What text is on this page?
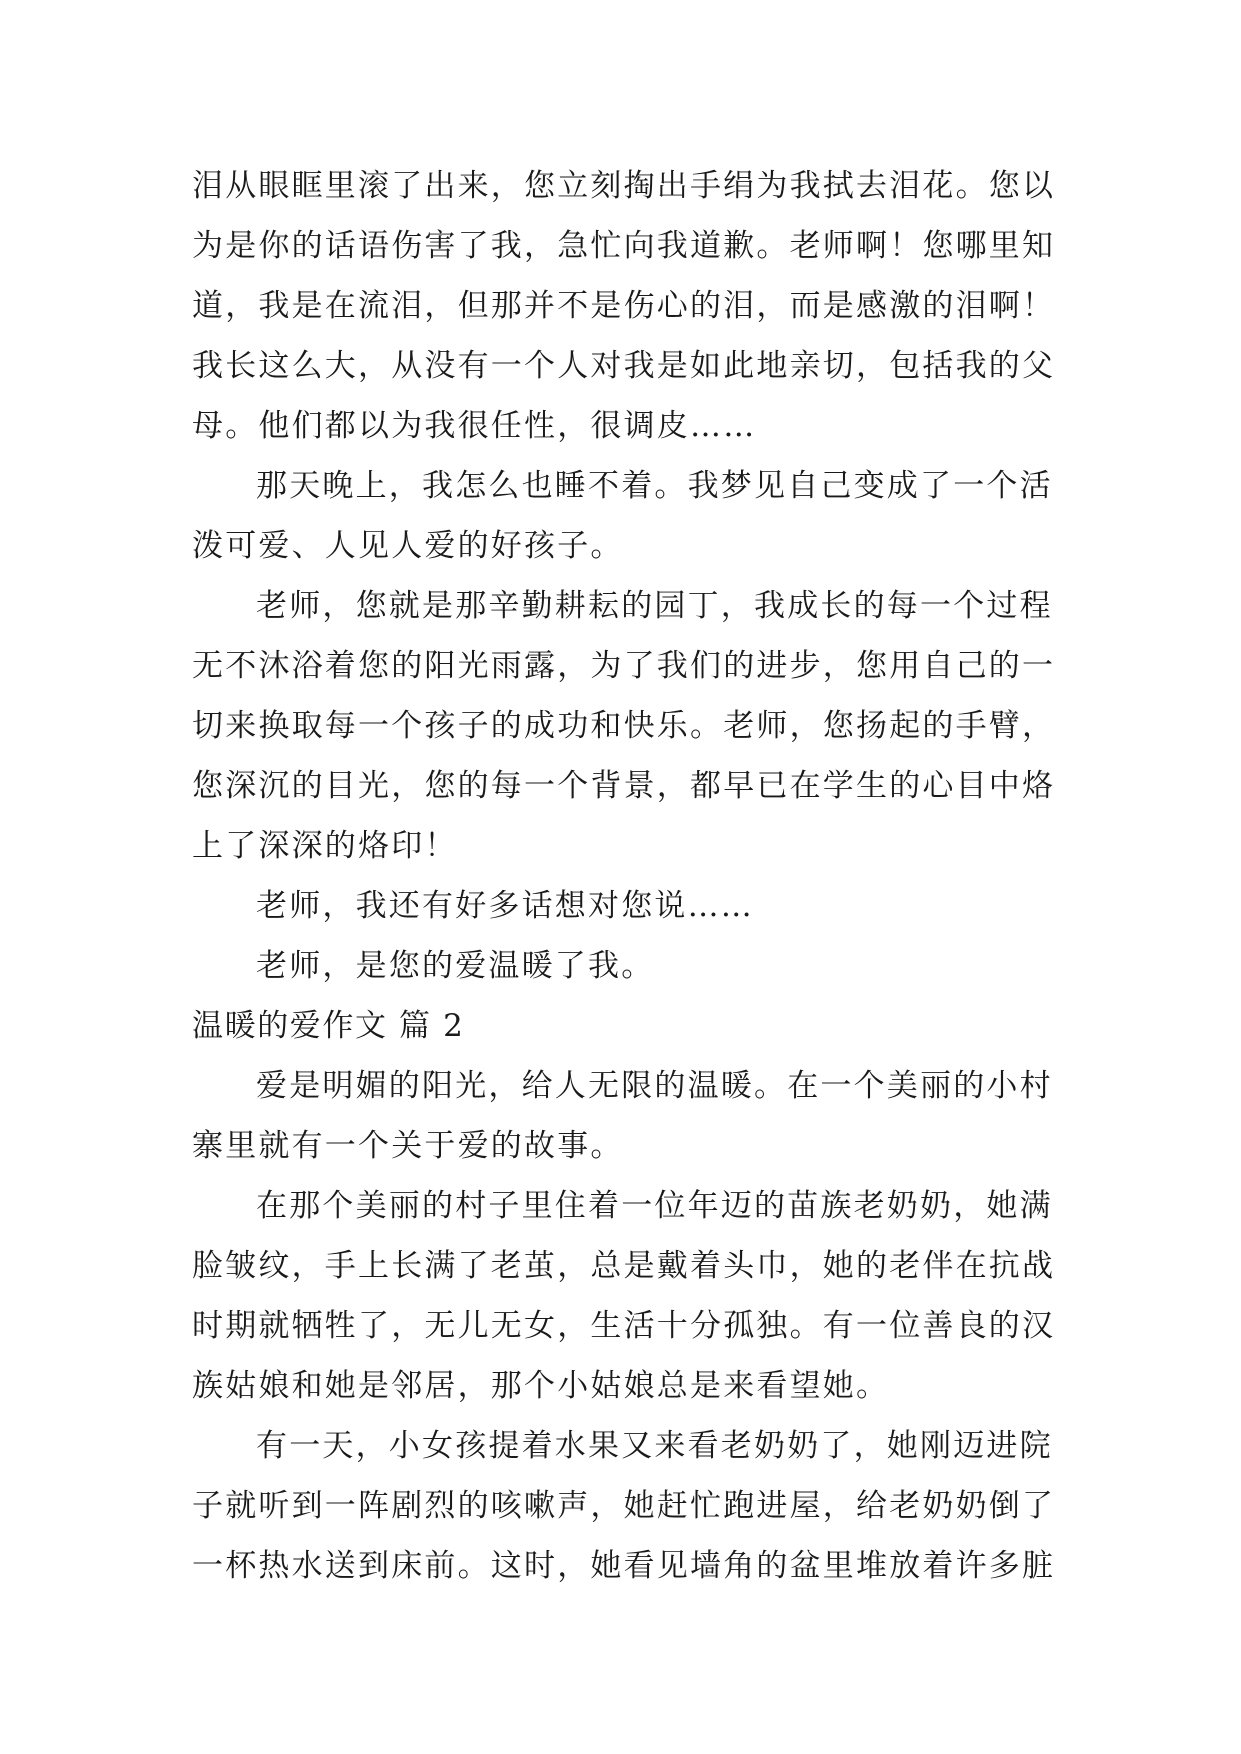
泪从眼眶里滚了出来，您立刻掏出手绢为我拭去泪花。您以
为是你的话语伤害了我，急忙向我道歉。老师啊！您哪里知
道，我是在流泪，但那并不是伤心的泪，而是感激的泪啊！
我长这么大，从没有一个人对我是如此地亲切，包括我的父
母。他们都以为我很任性，很调皮……
那天晚上，我怎么也睡不着。我梦见自己变成了一个活
泼可爱、人见人爱的好孩子。
老师，您就是那辛勤耕耘的园丁，我成长的每一个过程
无不沐浴着您的阳光雨露，为了我们的进步，您用自己的一
切来换取每一个孩子的成功和快乐。老师，您扬起的手臂，
您深沉的目光，您的每一个背景，都早已在学生的心目中烙
上了深深的烙印！
老师，我还有好多话想对您说……
老师，是您的爱温暖了我。
温暖的爱作文 篇 2
爱是明媚的阳光，给人无限的温暖。在一个美丽的小村
寨里就有一个关于爱的故事。
在那个美丽的村子里住着一位年迈的苗族老奶奶，她满
脸皱纹，手上长满了老茧，总是戴着头巾，她的老伴在抗战
时期就牺牲了，无儿无女，生活十分孤独。有一位善良的汉
族姑娘和她是邻居，那个小姑娘总是来看望她。
有一天，小女孩提着水果又来看老奶奶了，她刚迈进院
子就听到一阵剧烈的咳嗽声，她赶忙跑进屋，给老奶奶倒了
一杯热水送到床前。这时，她看见墙角的盆里堆放着许多脏
